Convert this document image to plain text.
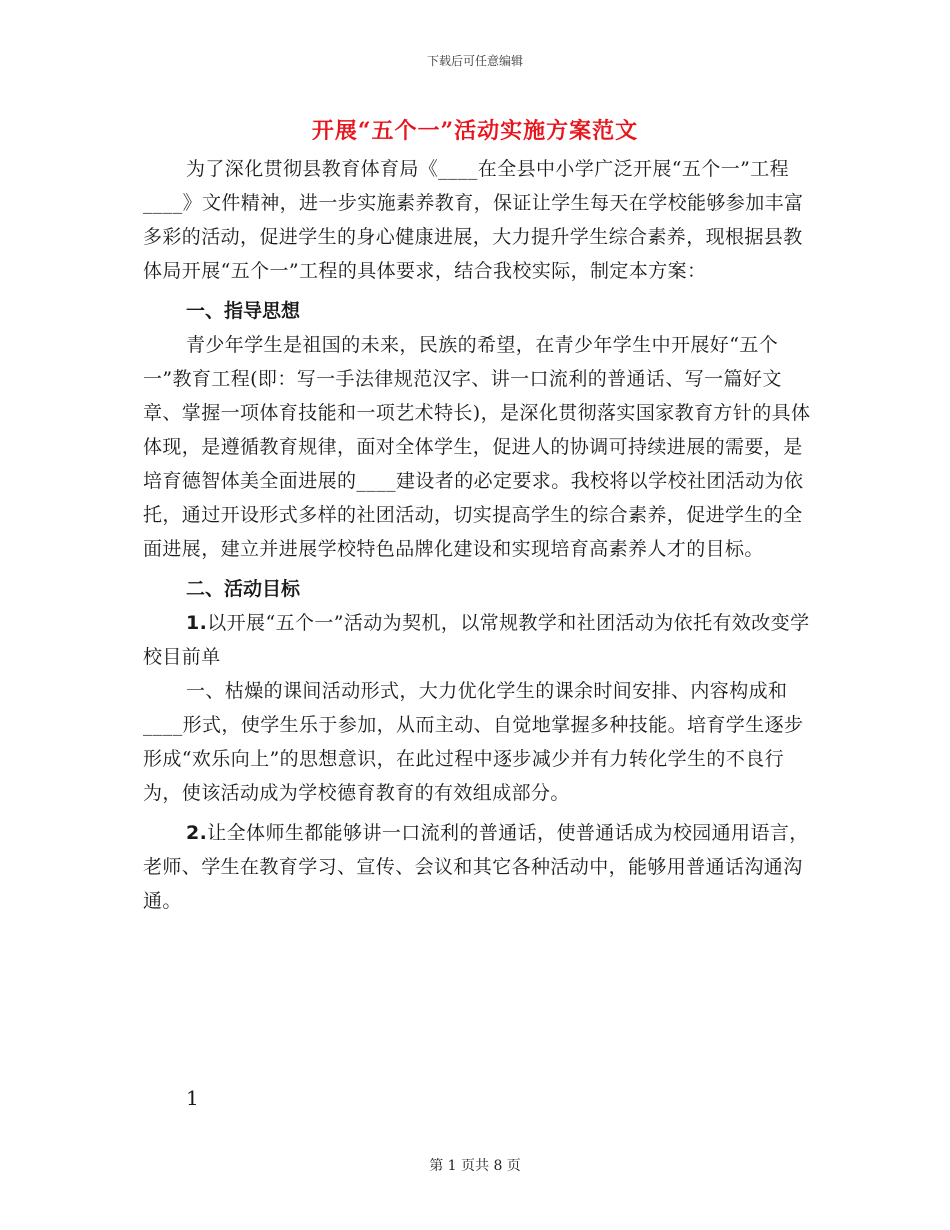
下载后可任意编辑

开展“五个一”活动实施方案范文

为了深化贯彻县教育体育局《____在全县中小学广泛开展“五个一”工程____》文件精神，进一步实施素养教育，保证让学生每天在学校能够参加丰富多彩的活动，促进学生的身心健康进展，大力提升学生综合素养，现根据县教体局开展“五个一”工程的具体要求，结合我校实际，制定本方案：

一、指导思想

青少年学生是祖国的未来，民族的希望，在青少年学生中开展好“五个一”教育工程(即：写一手法律规范汉字、讲一口流利的普通话、写一篇好文章、掌握一项体育技能和一项艺术特长)，是深化贯彻落实国家教育方针的具体体现，是遵循教育规律，面对全体学生，促进人的协调可持续进展的需要，是培育德智体美全面进展的____建设者的必定要求。我校将以学校社团活动为依托，通过开设形式多样的社团活动，切实提高学生的综合素养，促进学生的全面进展，建立并进展学校特色品牌化建设和实现培育高素养人才的目标。

二、活动目标

1.以开展“五个一”活动为契机，以常规教学和社团活动为依托有效改变学校目前单

一、枯燥的课间活动形式，大力优化学生的课余时间安排、内容构成和____形式，使学生乐于参加，从而主动、自觉地掌握多种技能。培育学生逐步形成“欢乐向上”的思想意识，在此过程中逐步减少并有力转化学生的不良行为，使该活动成为学校德育教育的有效组成部分。

2.让全体师生都能够讲一口流利的普通话，使普通话成为校园通用语言，老师、学生在教育学习、宣传、会议和其它各种活动中，能够用普通话沟通沟通。

1

第 1 页共 8 页
